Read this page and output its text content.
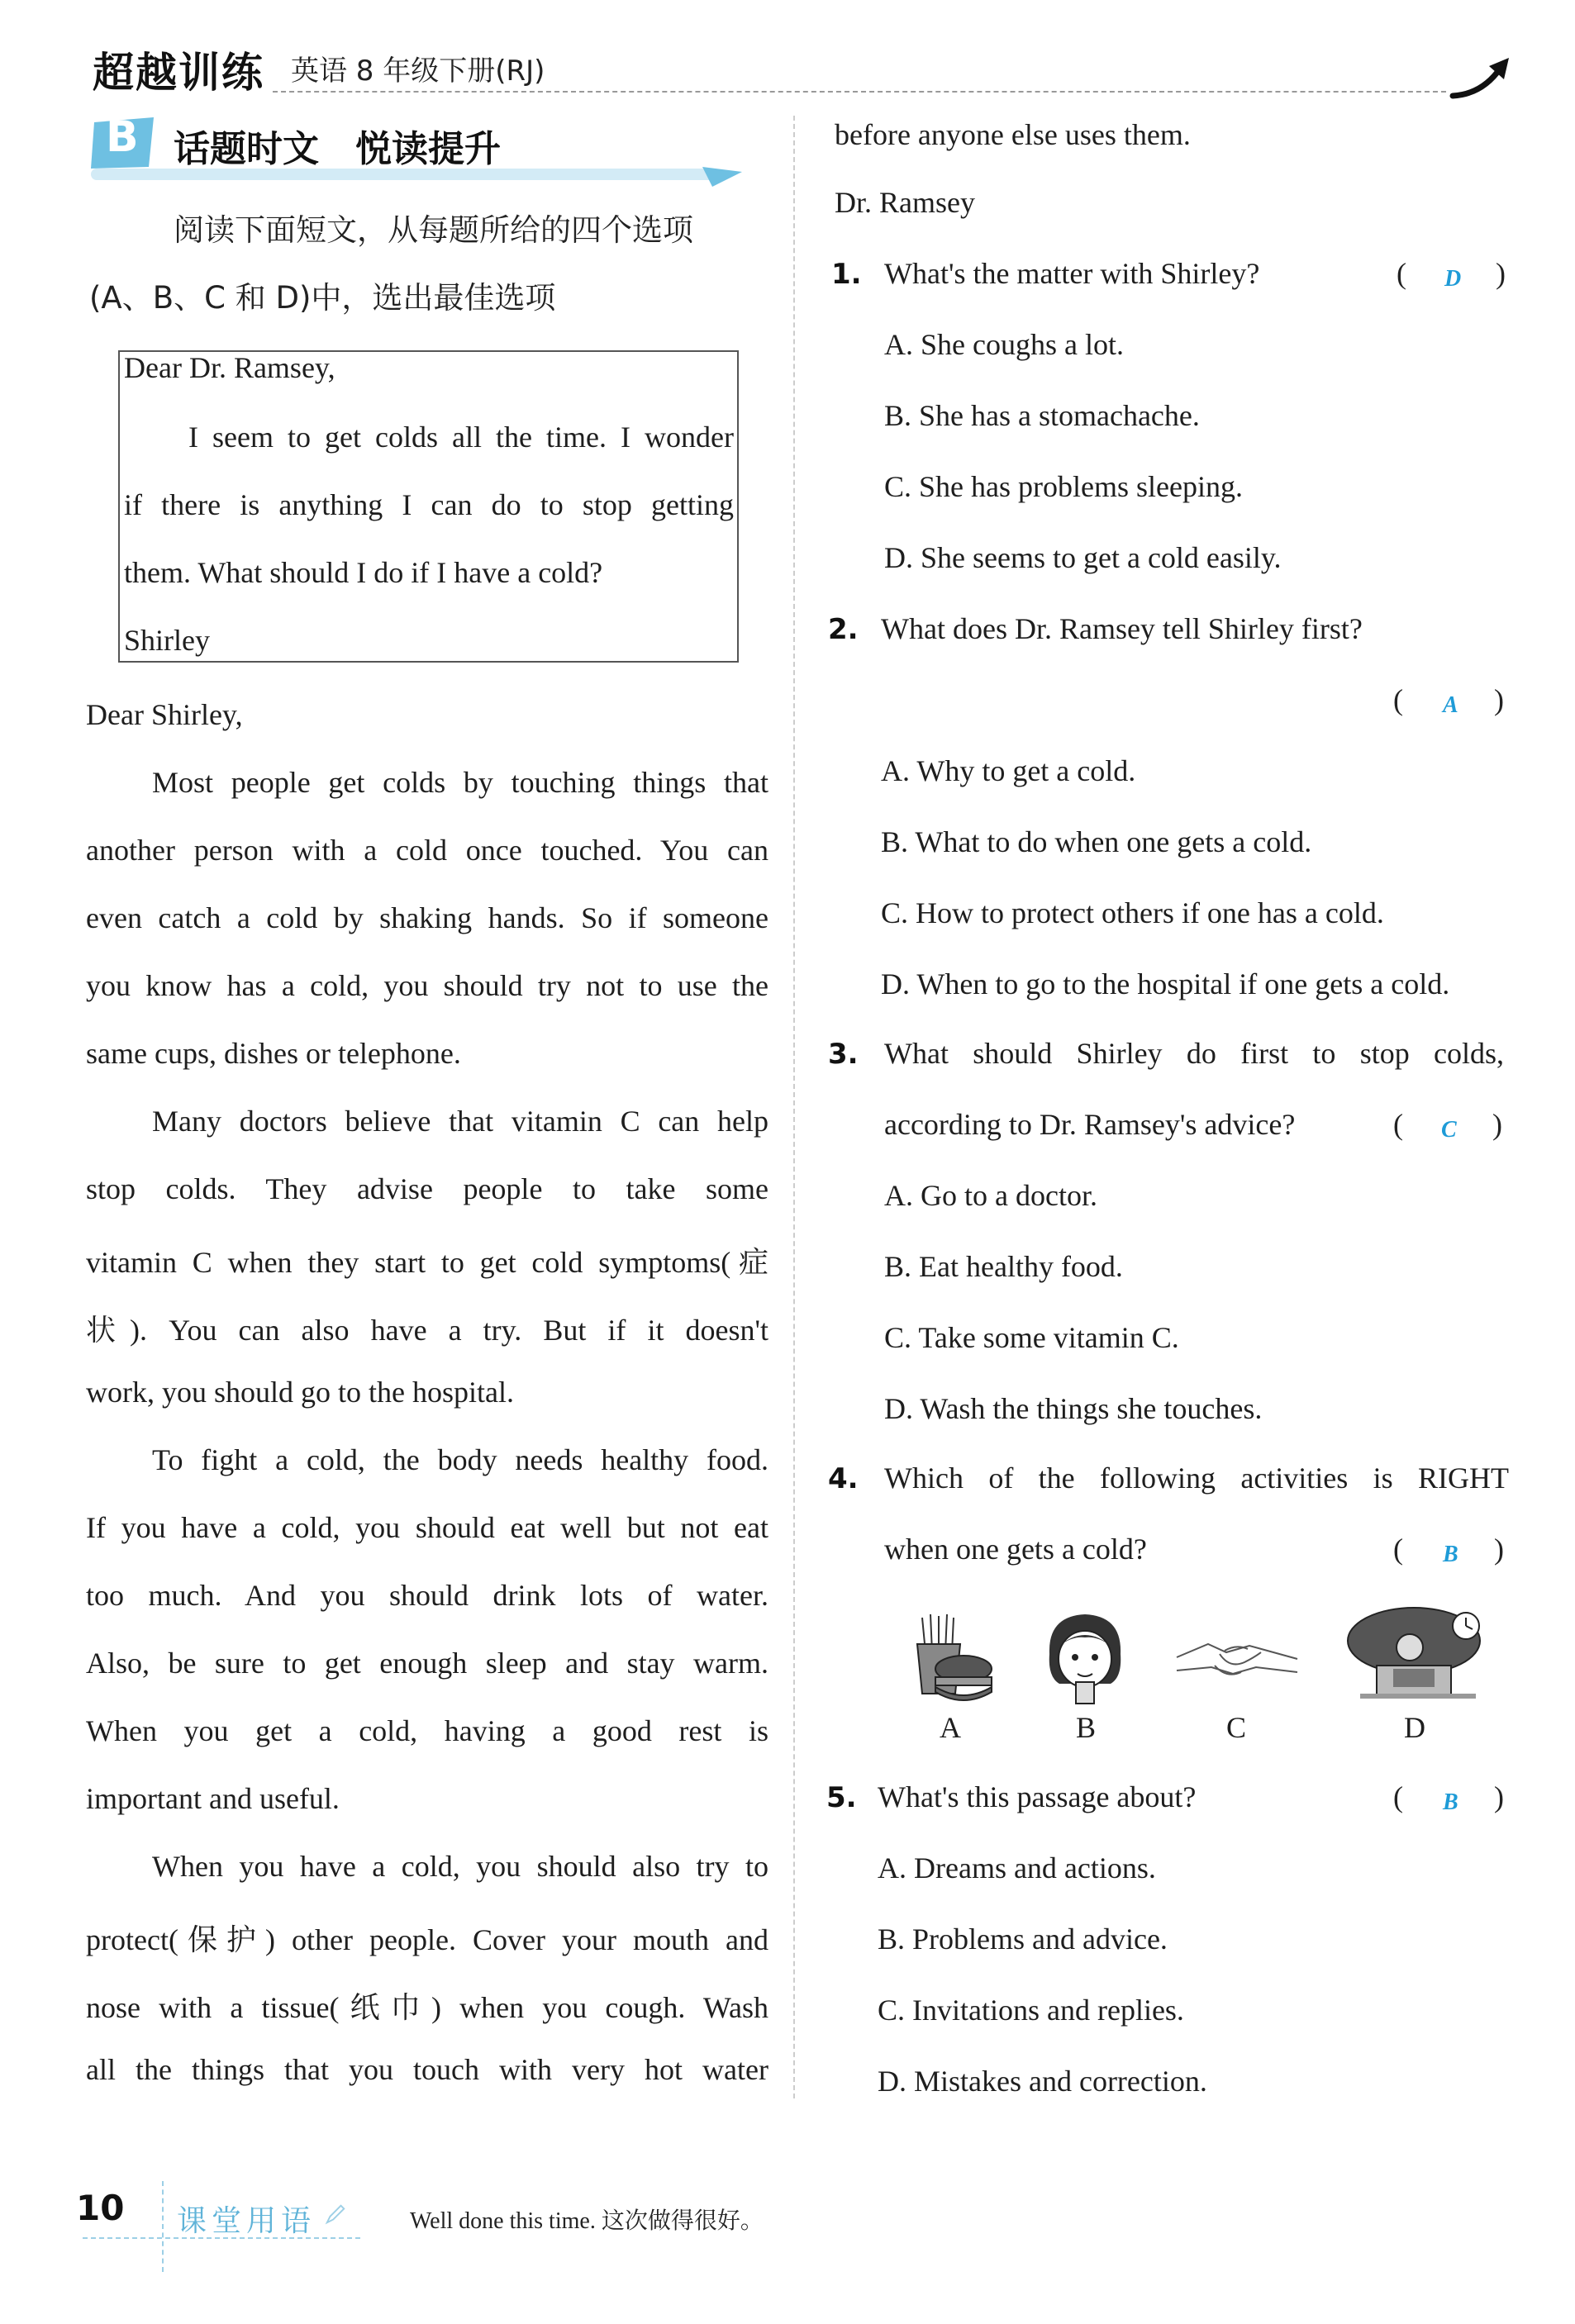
超越训练 英语 8 年级下册(RJ)
B 话题时文　悦读提升
阅读下面短文，从每题所给的四个选项
(A、B、C 和 D)中，选出最佳选项
Dear Dr. Ramsey,
I seem to get colds all the time. I wonder
if there is anything I can do to stop getting
them. What should I do if I have a cold?
Shirley
Dear Shirley,
Most people get colds by touching things that
another person with a cold once touched. You can
even catch a cold by shaking hands. So if someone
you know has a cold, you should try not to use the
same cups, dishes or telephone.
Many doctors believe that vitamin C can help
stop colds. They advise people to take some
vitamin C when they start to get cold symptoms(症
状). You can also have a try. But if it doesn't
work, you should go to the hospital.
To fight a cold, the body needs healthy food.
If you have a cold, you should eat well but not eat
too much. And you should drink lots of water.
Also, be sure to get enough sleep and stay warm.
When you get a cold, having a good rest is
important and useful.
When you have a cold, you should also try to
protect(保护) other people. Cover your mouth and
nose with a tissue(纸巾) when you cough. Wash
all the things that you touch with very hot water
before anyone else uses them.
Dr. Ramsey
1. What's the matter with Shirley?	( D )
A. She coughs a lot.
B. She has a stomachache.
C. She has problems sleeping.
D. She seems to get a cold easily.
2. What does Dr. Ramsey tell Shirley first?
( A )
A. Why to get a cold.
B. What to do when one gets a cold.
C. How to protect others if one has a cold.
D. When to go to the hospital if one gets a cold.
3. What should Shirley do first to stop colds,
according to Dr. Ramsey's advice?	( C )
A. Go to a doctor.
B. Eat healthy food.
C. Take some vitamin C.
D. Wash the things she touches.
4. Which of the following activities is RIGHT
when one gets a cold?	( B )
A	B	C	D
5. What's this passage about?	( B )
A. Dreams and actions.
B. Problems and advice.
C. Invitations and replies.
D. Mistakes and correction.
10 课堂用语	Well done this time. 这次做得很好。
